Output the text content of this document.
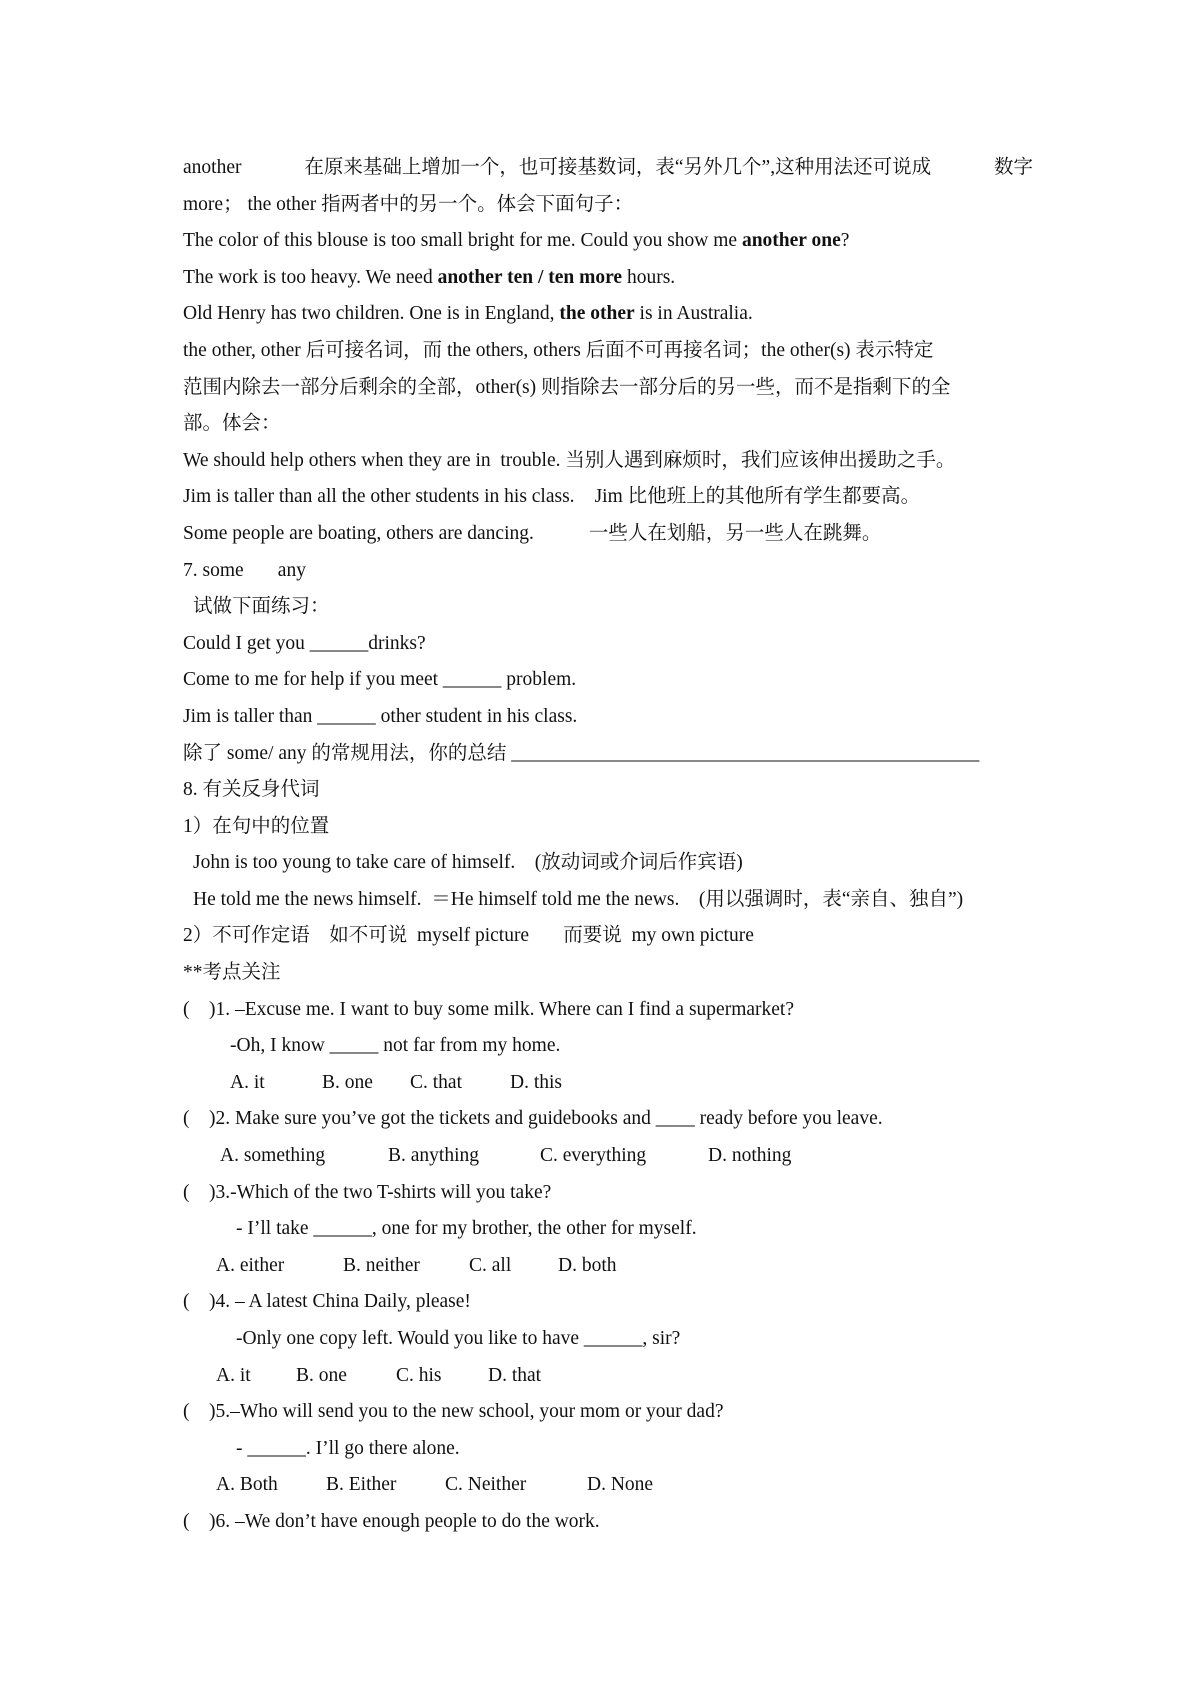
another	在原来基础上增加一个，也可接基数词，表“另外几个”,这种用法还可说成	数字
more； the other 指两者中的另一个。体会下面句子：
The color of this blouse is too small bright for me. Could you show me another one?
The work is too heavy. We need another ten / ten more hours.
Old Henry has two children. One is in England, the other is in Australia.
the other, other 后可接名词，而 the others, others 后面不可再接名词；the other(s) 表示特定
范围内除去一部分后剩余的全部，other(s) 则指除去一部分后的另一些，而不是指剩下的全
部。体会：
We should help others when they are in trouble. 当别人遇到麻烦时，我们应该伸出援助之手。
Jim is taller than all the other students in his class. Jim 比他班上的其他所有学生都要高。
Some people are boating, others are dancing.	一些人在划船，另一些人在跳舞。
7. some       any
试做下面练习：
Could I get you ______drinks?
Come to me for help if you meet ______ problem.
Jim is taller than ______ other student in his class.
除了 some/ any 的常规用法，你的总结 ________________________________________________
8. 有关反身代词
1）在句中的位置
John is too young to take care of himself.    (放动词或介词后作宾语)
He told me the news himself.  ＝He himself told me the news.    (用以强调时，表“亲自、独自”)
2）不可作定语    如不可说  myself picture       而要说  my own picture
**考点关注
(    )1. –Excuse me. I want to buy some milk. Where can I find a supermarket?
-Oh, I know _____ not far from my home.
A. it	B. one C. that D. this
(    )2. Make sure you’ve got the tickets and guidebooks and ____ ready before you leave.
A. something	B. anything	C. everything	D. nothing
(    )3.-Which of the two T-shirts will you take?
- I’ll take ______, one for my brother, the other for myself.
A. either	B. neither	C. all D. both
(    )4. – A latest China Daily, please!
-Only one copy left. Would you like to have ______, sir?
A. it B. one	C. his D. that
(    )5.–Who will send you to the new school, your mom or your dad?
- ______. I’ll go there alone.
A. Both B. Either C. Neither	D. None
(    )6. –We don’t have enough people to do the work.
